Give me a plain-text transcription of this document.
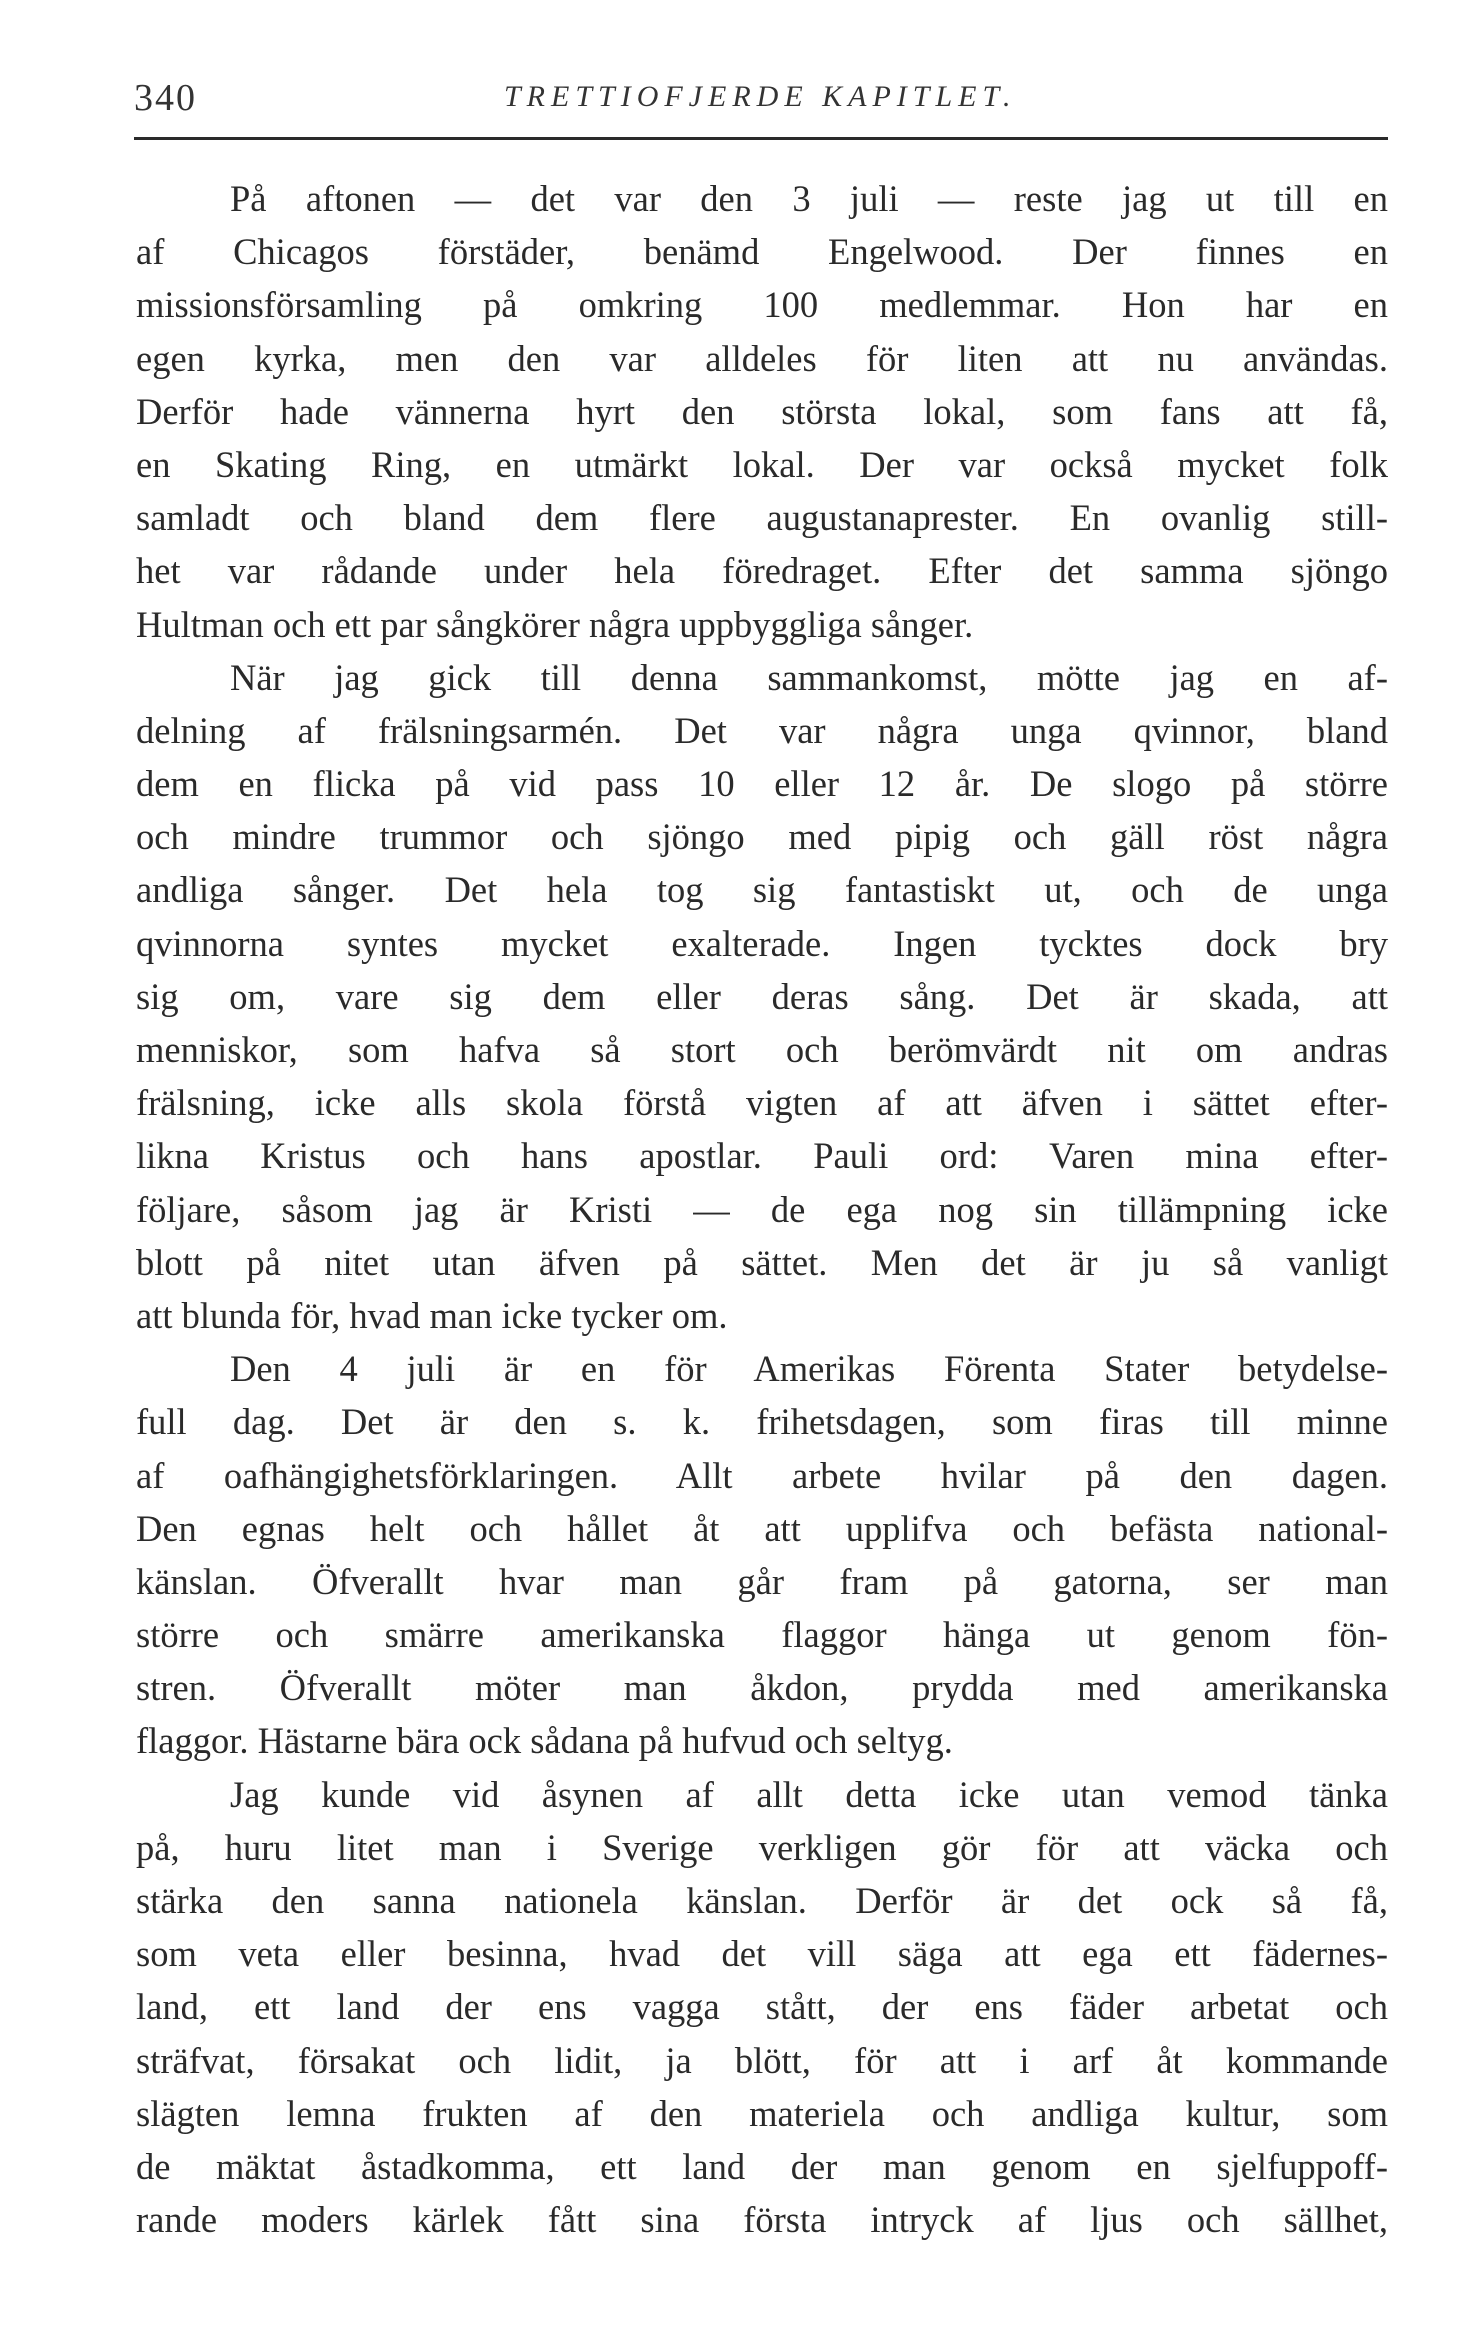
340	TRETTIOFJERDE KAPITLET.
På aftonen — det var den 3 juli — reste jag ut till en
af Chicagos förstäder, benämd Engelwood. Der finnes en
missionsförsamling på omkring 100 medlemmar. Hon har en
egen kyrka, men den var alldeles för liten att nu användas.
Derför hade vännerna hyrt den största lokal, som fans att få,
en Skating Ring, en utmärkt lokal. Der var också mycket folk
samladt och bland dem flere augustanaprester. En ovanlig still-
het var rådande under hela föredraget. Efter det samma sjöngo
Hultman och ett par sångkörer några uppbyggliga sånger.
När jag gick till denna sammankomst, mötte jag en af-
delning af frälsningsarmén. Det var några unga qvinnor, bland
dem en flicka på vid pass 10 eller 12 år. De slogo på större
och mindre trummor och sjöngo med pipig och gäll röst några
andliga sånger. Det hela tog sig fantastiskt ut, och de unga
qvinnorna syntes mycket exalterade. Ingen tycktes dock bry
sig om, vare sig dem eller deras sång. Det är skada, att
menniskor, som hafva så stort och berömvärdt nit om andras
frälsning, icke alls skola förstå vigten af att äfven i sättet efter-
likna Kristus och hans apostlar. Pauli ord: Varen mina efter-
följare, såsom jag är Kristi — de ega nog sin tillämpning icke
blott på nitet utan äfven på sättet. Men det är ju så vanligt
att blunda för, hvad man icke tycker om.
Den 4 juli är en för Amerikas Förenta Stater betydelse-
full dag. Det är den s. k. frihetsdagen, som firas till minne
af oafhängighetsförklaringen. Allt arbete hvilar på den dagen.
Den egnas helt och hållet åt att upplifva och befästa national-
känslan. Öfverallt hvar man går fram på gatorna, ser man
större och smärre amerikanska flaggor hänga ut genom fön-
stren. Öfverallt möter man åkdon, prydda med amerikanska
flaggor. Hästarne bära ock sådana på hufvud och seltyg.
Jag kunde vid åsynen af allt detta icke utan vemod tänka
på, huru litet man i Sverige verkligen gör för att väcka och
stärka den sanna nationela känslan. Derför är det ock så få,
som veta eller besinna, hvad det vill säga att ega ett fädernes-
land, ett land der ens vagga stått, der ens fäder arbetat och
sträfvat, försakat och lidit, ja blött, för att i arf åt kommande
slägten lemna frukten af den materiela och andliga kultur, som
de mäktat åstadkomma, ett land der man genom en sjelfuppoff-
rande moders kärlek fått sina första intryck af ljus och sällhet,
